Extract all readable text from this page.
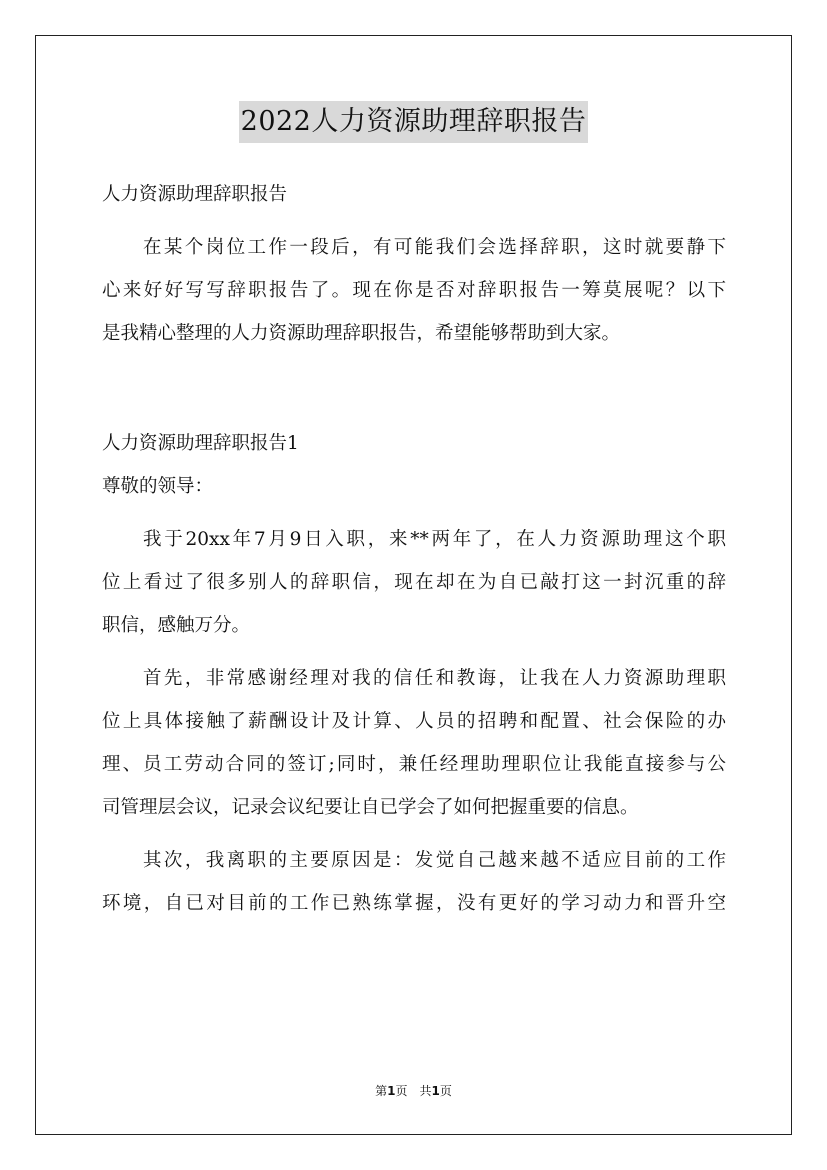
2022人力资源助理辞职报告

人力资源助理辞职报告

在某个岗位工作一段后，有可能我们会选择辞职，这时就要静下

心来好好写写辞职报告了。现在你是否对辞职报告一筹莫展呢？以下

是我精心整理的人力资源助理辞职报告，希望能够帮助到大家。

人力资源助理辞职报告1

尊敬的领导：

我于20xx年7月9日入职，来**两年了，在人力资源助理这个职

位上看过了很多别人的辞职信，现在却在为自已敲打这一封沉重的辞

职信，感触万分。

首先，非常感谢经理对我的信任和教诲，让我在人力资源助理职

位上具体接触了薪酬设计及计算、人员的招聘和配置、社会保险的办

理、员工劳动合同的签订;同时，兼任经理助理职位让我能直接参与公

司管理层会议，记录会议纪要让自已学会了如何把握重要的信息。

其次，我离职的主要原因是：发觉自己越来越不适应目前的工作

环境，自已对目前的工作已熟练掌握，没有更好的学习动力和晋升空

第1页　共1页
